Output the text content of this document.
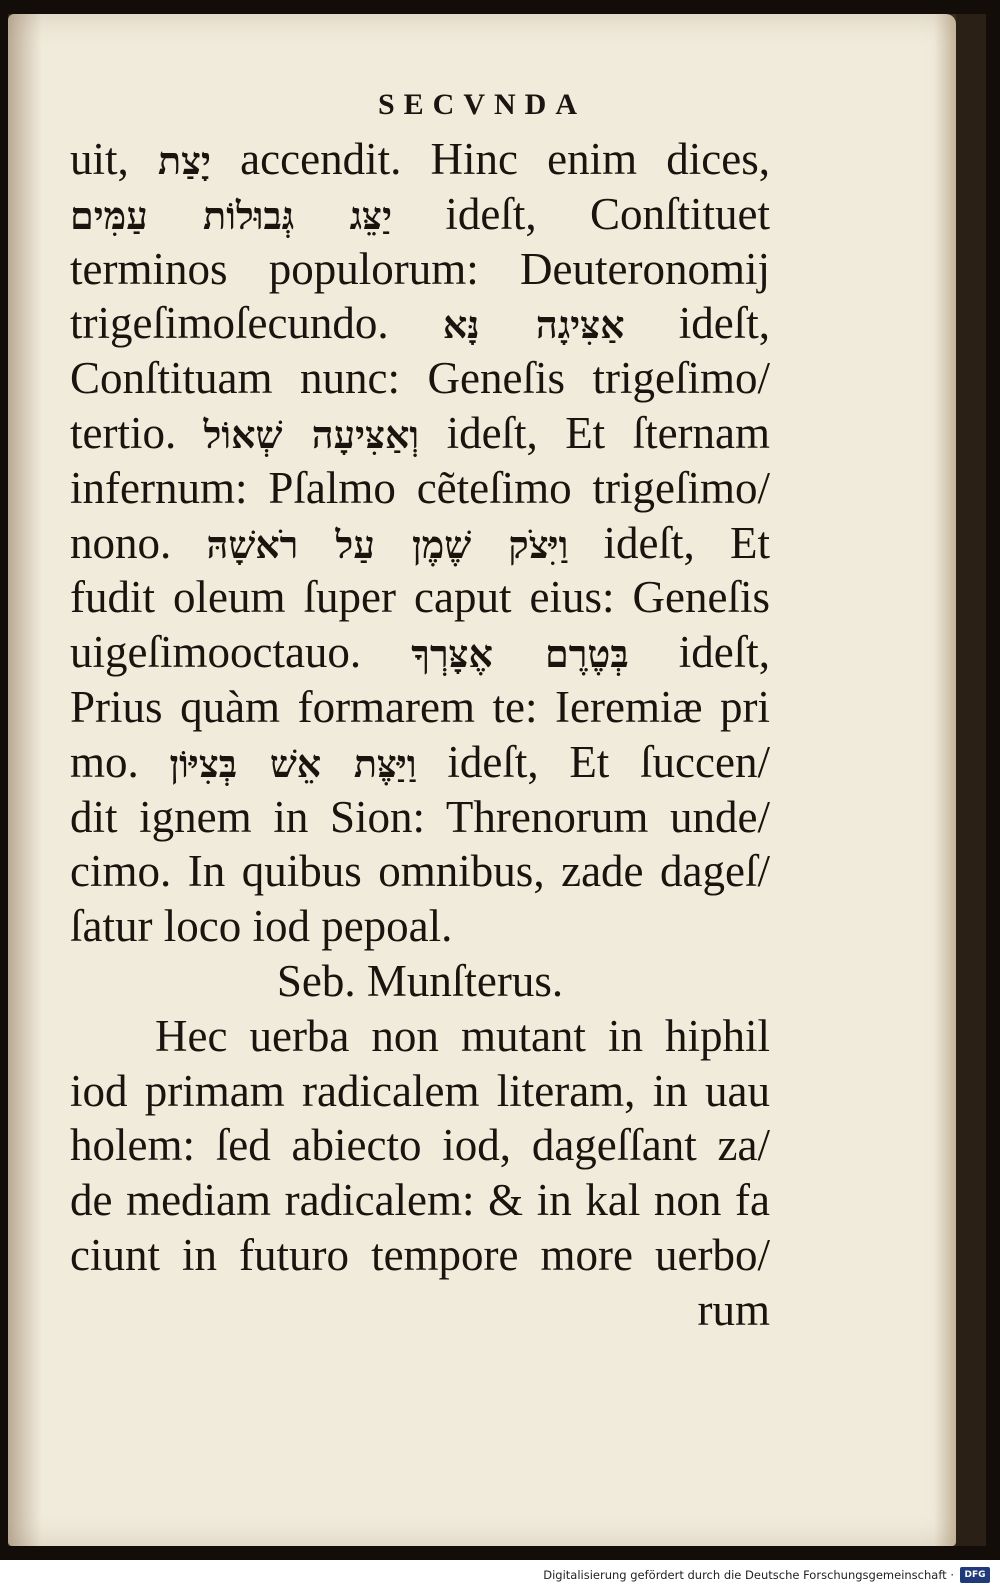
SECVNDA
uit, יָצַת accendit. Hinc enim dices,
יַצֵּג גְּבוּלוֹת עַמִּים ideſt, Conſtituet
terminos populorum: Deuteronomij
trigeſimoſecundo. אַצִּיגָה נָּא ideſt,
Conſtituam nunc: Geneſis trigeſimo/
tertio. וְאַצִּיעָה שְׁאוֹל ideſt, Et ſternam
infernum: Pſalmo cẽteſimo trigeſimo/
nono. וַיִּצֹק שֶׁמֶן עַל רֹאשָׁהּ ideſt, Et
fudit oleum ſuper caput eius: Geneſis
uigeſimooctauo. בְּטֶרֶם אֶצָּרְךָ ideſt,
Prius quàm formarem te: Ieremiæ pri
mo. וַיַּצֶּת אֵשׁ בְּצִיּוֹן ideſt, Et ſuccen/
dit ignem in Sion: Threnorum unde/
cimo. In quibus omnibus, zade dageſ/
ſatur loco iod pepoal.
Seb. Munſterus.
Hec uerba non mutant in hiphil
iod primam radicalem literam, in uau
holem: ſed abiecto iod, dageſſant za/
de mediam radicalem: & in kal non fa
ciunt in futuro tempore more uerbo/
rum
Digitalisierung gefördert durch die Deutsche Forschungsgemeinschaft ·	DFG
